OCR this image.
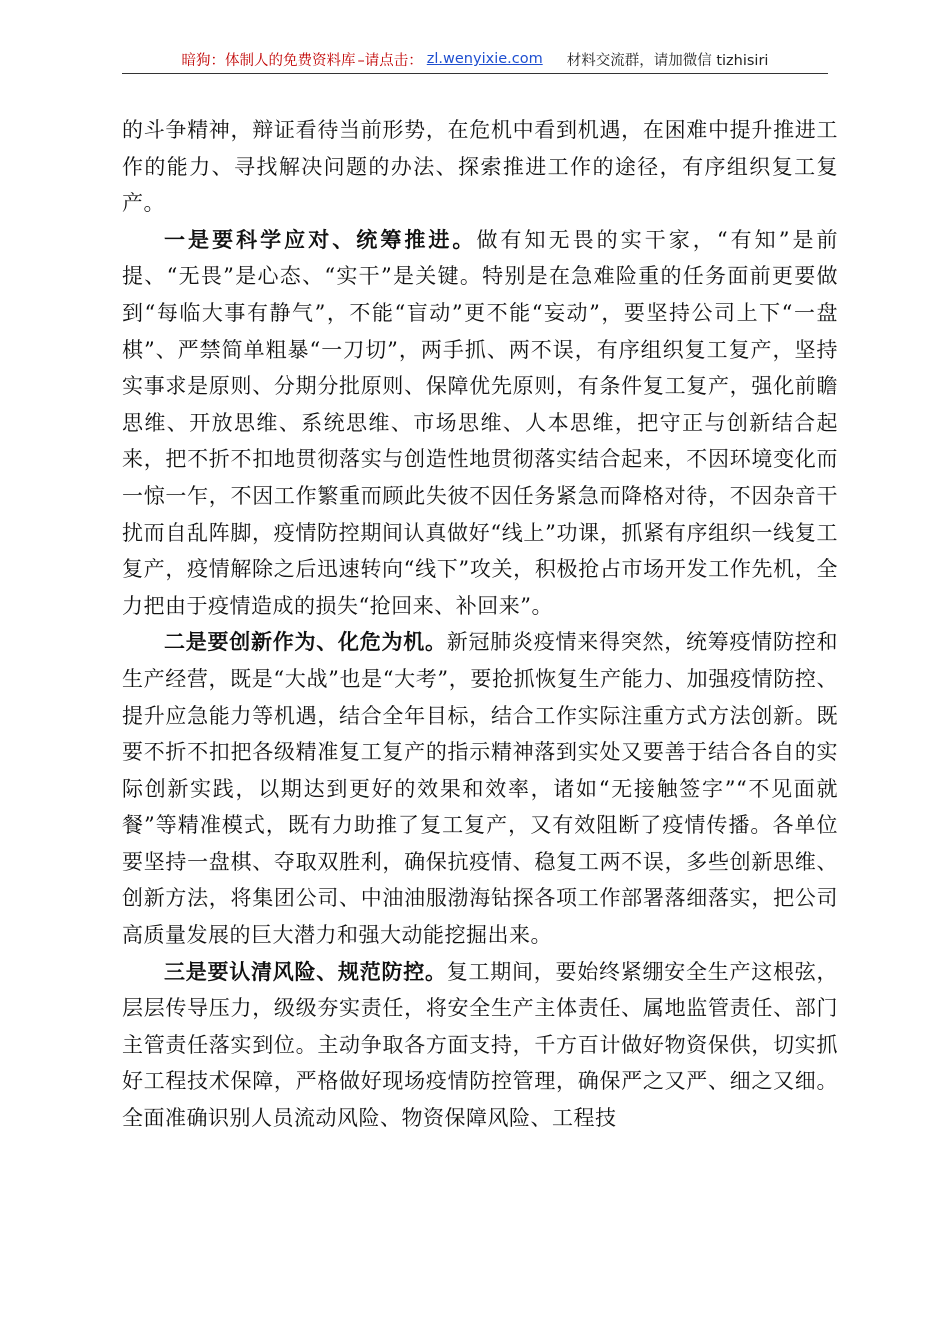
暗狗：体制人的免费资料库 –请点击： zl.wenyixie.com 材料交流群，请加微信 tizhisiri

的斗争精神，辩证看待当前形势，在危机中看到机遇，在困难中提升推进工作的能力、寻找解决问题的办法、探索推进工作的途径，有序组织复工复产。

一是要科学应对、统筹推进。做有知无畏的实干家，“有知”是前提、“无畏”是心态、“实干”是关键。特别是在急难险重的任务面前更要做到“每临大事有静气”，不能“盲动”更不能“妄动”，要坚持公司上下“一盘棋”、严禁简单粗暴“一刀切”，两手抓、两不误，有序组织复工复产，坚持实事求是原则、分期分批原则、保障优先原则，有条件复工复产，强化前瞻思维、开放思维、系统思维、市场思维、人本思维，把守正与创新结合起来，把不折不扣地贯彻落实与创造性地贯彻落实结合起来，不因环境变化而一惊一乍，不因工作繁重而顾此失彼不因任务紧急而降格对待，不因杂音干扰而自乱阵脚，疫情防控期间认真做好“线上”功课，抓紧有序组织一线复工复产，疫情解除之后迅速转向“线下”攻关，积极抢占市场开发工作先机，全力把由于疫情造成的损失“抢回来、补回来”。

二是要创新作为、化危为机。新冠肺炎疫情来得突然，统筹疫情防控和生产经营，既是“大战”也是“大考”，要抢抓恢复生产能力、加强疫情防控、提升应急能力等机遇，结合全年目标，结合工作实际注重方式方法创新。既要不折不扣把各级精准复工复产的指示精神落到实处又要善于结合各自的实际创新实践，以期达到更好的效果和效率，诸如“无接触签字”“不见面就餐”等精准模式，既有力助推了复工复产，又有效阻断了疫情传播。各单位要坚持一盘棋、夺取双胜利，确保抗疫情、稳复工两不误，多些创新思维、创新方法，将集团公司、中油油服渤海钻探各项工作部署落细落实，把公司高质量发展的巨大潜力和强大动能挖掘出来。

三是要认清风险、规范防控。复工期间，要始终紧绷安全生产这根弦，层层传导压力，级级夯实责任，将安全生产主体责任、属地监管责任、部门主管责任落实到位。主动争取各方面支持，千方百计做好物资保供，切实抓好工程技术保障，严格做好现场疫情防控管理，确保严之又严、细之又细。全面准确识别人员流动风险、物资保障风险、工程技
